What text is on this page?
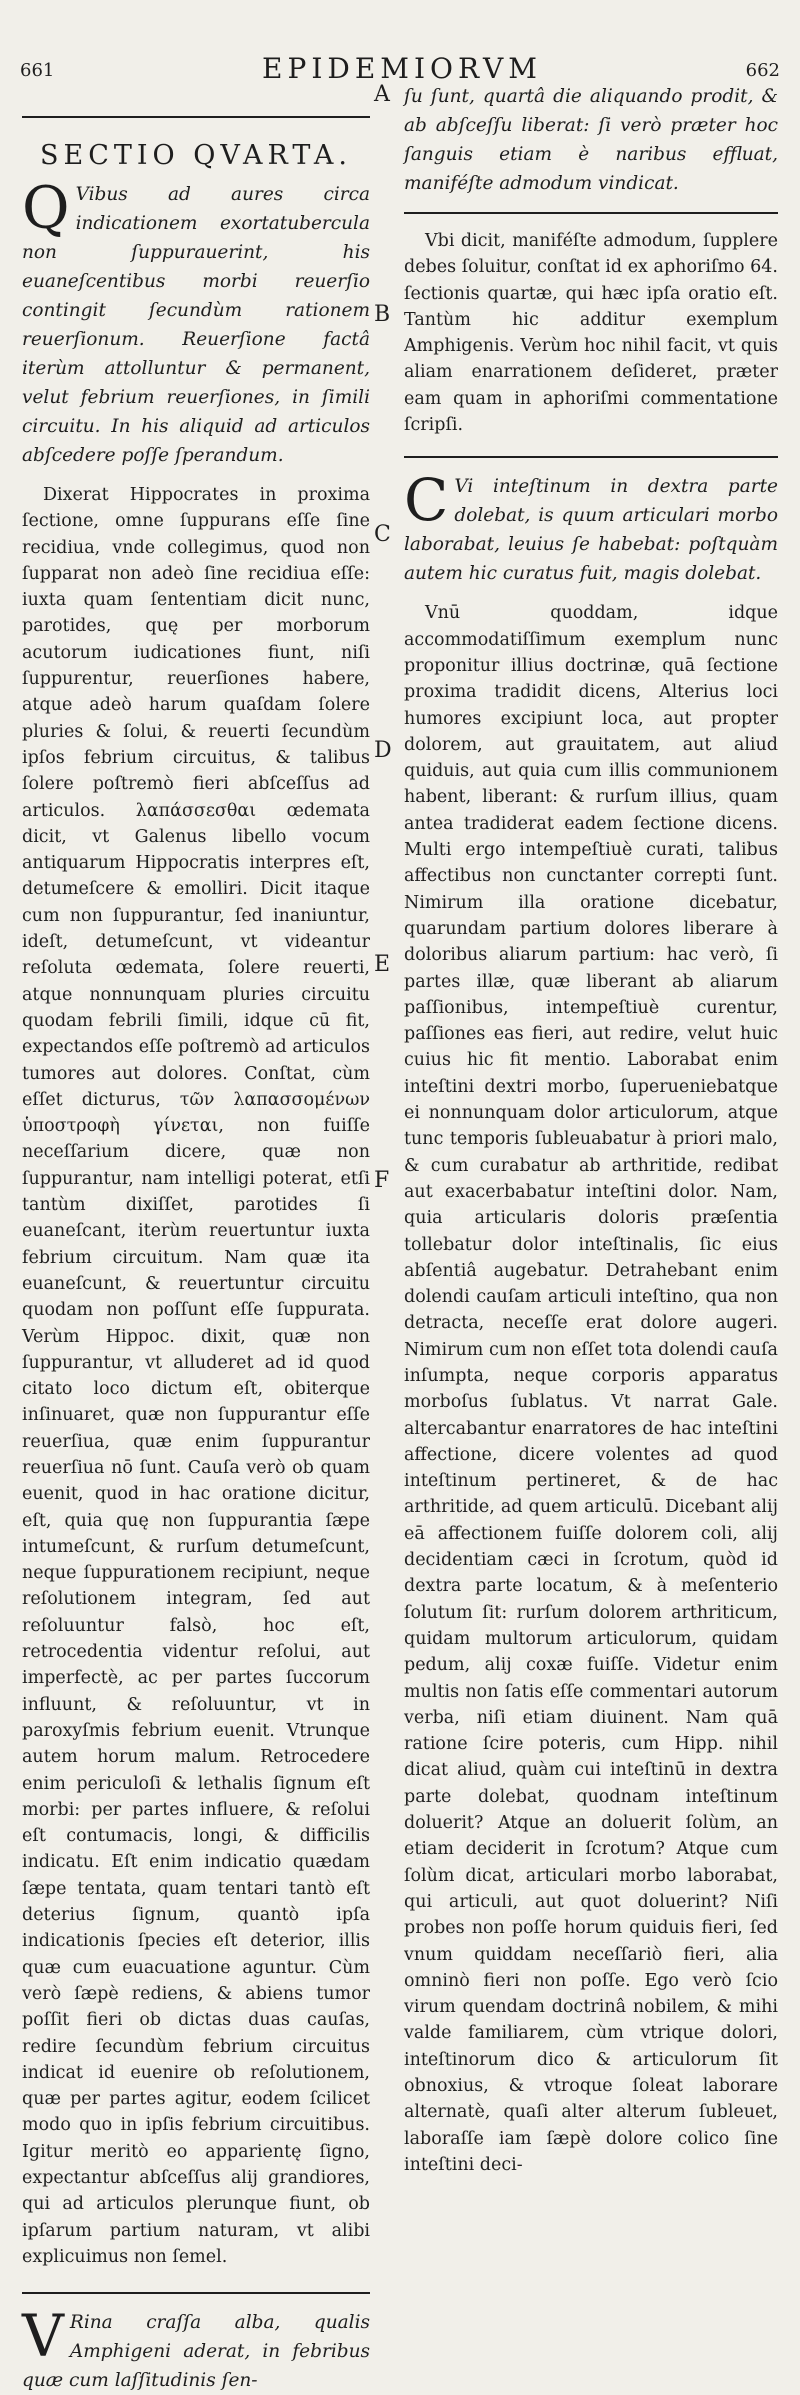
661	EPIDEMIORVM	662
A
B
C
D
E
F

SECTIO QVARTA.

Q Vibus ad aures circa indicationem exortatubercula non ſuppurauerint, his euaneſcentibus morbi reuerſio contingit ſecundùm rationem reuerſionum. Reuerſione factâ iterùm attolluntur & permanent, velut febrium reuerſiones, in ſimili circuitu. In his aliquid ad articulos abſcedere poſſe ſperandum.

Dixerat Hippocrates in proxima ſectione, omne ſuppurans eſſe ſine recidiua, vnde collegimus, quod non ſupparat non adeò ſine recidiua eſſe: iuxta quam ſententiam dicit nunc, parotides, quę per morborum acutorum iudicationes fiunt, niſi ſuppurentur, reuerſiones habere, atque adeò harum quaſdam ſolere pluries & ſolui, & reuerti ſecundùm ipſos febrium circuitus, & talibus ſolere poſtremò fieri abſceſſus ad articulos. λαπάσσεσθαι œdemata dicit, vt Galenus libello vocum antiquarum Hippocratis interpres eſt, detumeſcere & emolliri. Dicit itaque cum non ſuppurantur, ſed inaniuntur, ideſt, detumeſcunt, vt videantur reſoluta œdemata, ſolere reuerti, atque nonnunquam pluries circuitu quodam febrili ſimili, idque cū fit, expectandos eſſe poſtremò ad articulos tumores aut dolores. Conſtat, cùm eſſet dicturus, τῶν λαπασσομένων ὑποστροφὴ γίνεται, non fuiſſe neceſſarium dicere, quæ non ſuppurantur, nam intelligi poterat, etſi tantùm dixiſſet, parotides ſi euaneſcant, iterùm reuertuntur iuxta febrium circuitum. Nam quæ ita euaneſcunt, & reuertuntur circuitu quodam non poſſunt eſſe ſuppurata. Verùm Hippoc. dixit, quæ non ſuppurantur, vt alluderet ad id quod citato loco dictum eſt, obiterque inſinuaret, quæ non ſuppurantur eſſe reuerſiua, quæ enim ſuppurantur reuerſiua nō ſunt. Cauſa verò ob quam euenit, quod in hac oratione dicitur, eſt, quia quę non ſuppurantia ſæpe intumeſcunt, & rurſum detumeſcunt, neque ſuppurationem recipiunt, neque reſolutionem integram, ſed aut reſoluuntur falsò, hoc eſt, retrocedentia videntur reſolui, aut imperfectè, ac per partes ſuccorum influunt, & reſoluuntur, vt in paroxyſmis febrium euenit. Vtrunque autem horum malum. Retrocedere enim periculoſi & lethalis ſignum eſt morbi: per partes influere, & reſolui eſt contumacis, longi, & difficilis indicatu. Eſt enim indicatio quædam ſæpe tentata, quam tentari tantò eſt deterius ſignum, quantò ipſa indicationis ſpecies eſt deterior, illis quæ cum euacuatione aguntur. Cùm verò ſæpè rediens, & abiens tumor poſſit fieri ob dictas duas cauſas, redire ſecundùm febrium circuitus indicat id euenire ob reſolutionem, quæ per partes agitur, eodem ſcilicet modo quo in ipſis febrium circuitibus. Igitur meritò eo apparientę ſigno, expectantur abſceſſus alij grandiores, qui ad articulos plerunque fiunt, ob ipſarum partium naturam, vt alibi explicuimus non ſemel.

V Rina craſſa alba, qualis Amphigeni aderat, in febribus quæ cum laſſitudinis ſen-

ſu ſunt, quartâ die aliquando prodit, & ab abſceſſu liberat: ſi verò præter hoc ſanguis etiam è naribus effluat, maniféſte admodum vindicat.

Vbi dicit, maniféſte admodum, ſupplere debes ſoluitur, conſtat id ex aphoriſmo 64. ſectionis quartæ, qui hæc ipſa oratio eſt. Tantùm hic additur exemplum Amphigenis. Verùm hoc nihil facit, vt quis aliam enarrationem deſideret, præter eam quam in aphoriſmi commentatione ſcripſi.

C Vi inteſtinum in dextra parte dolebat, is quum articulari morbo laborabat, leuius ſe habebat: poſtquàm autem hic curatus fuit, magis dolebat.

Vnū quoddam, idque accommodatiſſimum exemplum nunc proponitur illius doctrinæ, quā ſectione proxima tradidit dicens, Alterius loci humores excipiunt loca, aut propter dolorem, aut grauitatem, aut aliud quiduis, aut quia cum illis communionem habent, liberant: & rurſum illius, quam antea tradiderat eadem ſectione dicens. Multi ergo intempeſtiuè curati, talibus affectibus non cunctanter correpti ſunt. Nimirum illa oratione dicebatur, quarundam partium dolores liberare à doloribus aliarum partium: hac verò, ſi partes illæ, quæ liberant ab aliarum paſſionibus, intempeſtiuè curentur, paſſiones eas fieri, aut redire, velut huic cuius hic fit mentio. Laborabat enim inteſtini dextri morbo, ſuperueniebatque ei nonnunquam dolor articulorum, atque tunc temporis ſubleuabatur à priori malo, & cum curabatur ab arthritide, redibat aut exacerbabatur inteſtini dolor. Nam, quia articularis doloris præſentia tollebatur dolor inteſtinalis, ſic eius abſentiâ augebatur. Detrahebant enim dolendi cauſam articuli inteſtino, qua non detracta, neceſſe erat dolore augeri. Nimirum cum non eſſet tota dolendi cauſa inſumpta, neque corporis apparatus morboſus ſublatus. Vt narrat Gale. altercabantur enarratores de hac inteſtini affectione, dicere volentes ad quod inteſtinum pertineret, & de hac arthritide, ad quem articulū. Dicebant alij eā affectionem fuiſſe dolorem coli, alij decidentiam cæci in ſcrotum, quòd id dextra parte locatum, & à meſenterio ſolutum ſit: rurſum dolorem arthriticum, quidam multorum articulorum, quidam pedum, alij coxæ fuiſſe. Videtur enim multis non ſatis eſſe commentari autorum verba, niſi etiam diuinent. Nam quā ratione ſcire poteris, cum Hipp. nihil dicat aliud, quàm cui inteſtinū in dextra parte dolebat, quodnam inteſtinum doluerit? Atque an doluerit ſolùm, an etiam deciderit in ſcrotum? Atque cum ſolùm dicat, articulari morbo laborabat, qui articuli, aut quot doluerint? Niſi probes non poſſe horum quiduis fieri, ſed vnum quiddam neceſſariò fieri, alia omninò fieri non poſſe. Ego verò ſcio virum quendam doctrinâ nobilem, & mihi valde familiarem, cùm vtrique dolori, inteſtinorum dico & articulorum ſit obnoxius, & vtroque ſoleat laborare alternatè, quaſi alter alterum ſubleuet, laboraſſe iam ſæpè dolore colico ſine inteſtini deci-
